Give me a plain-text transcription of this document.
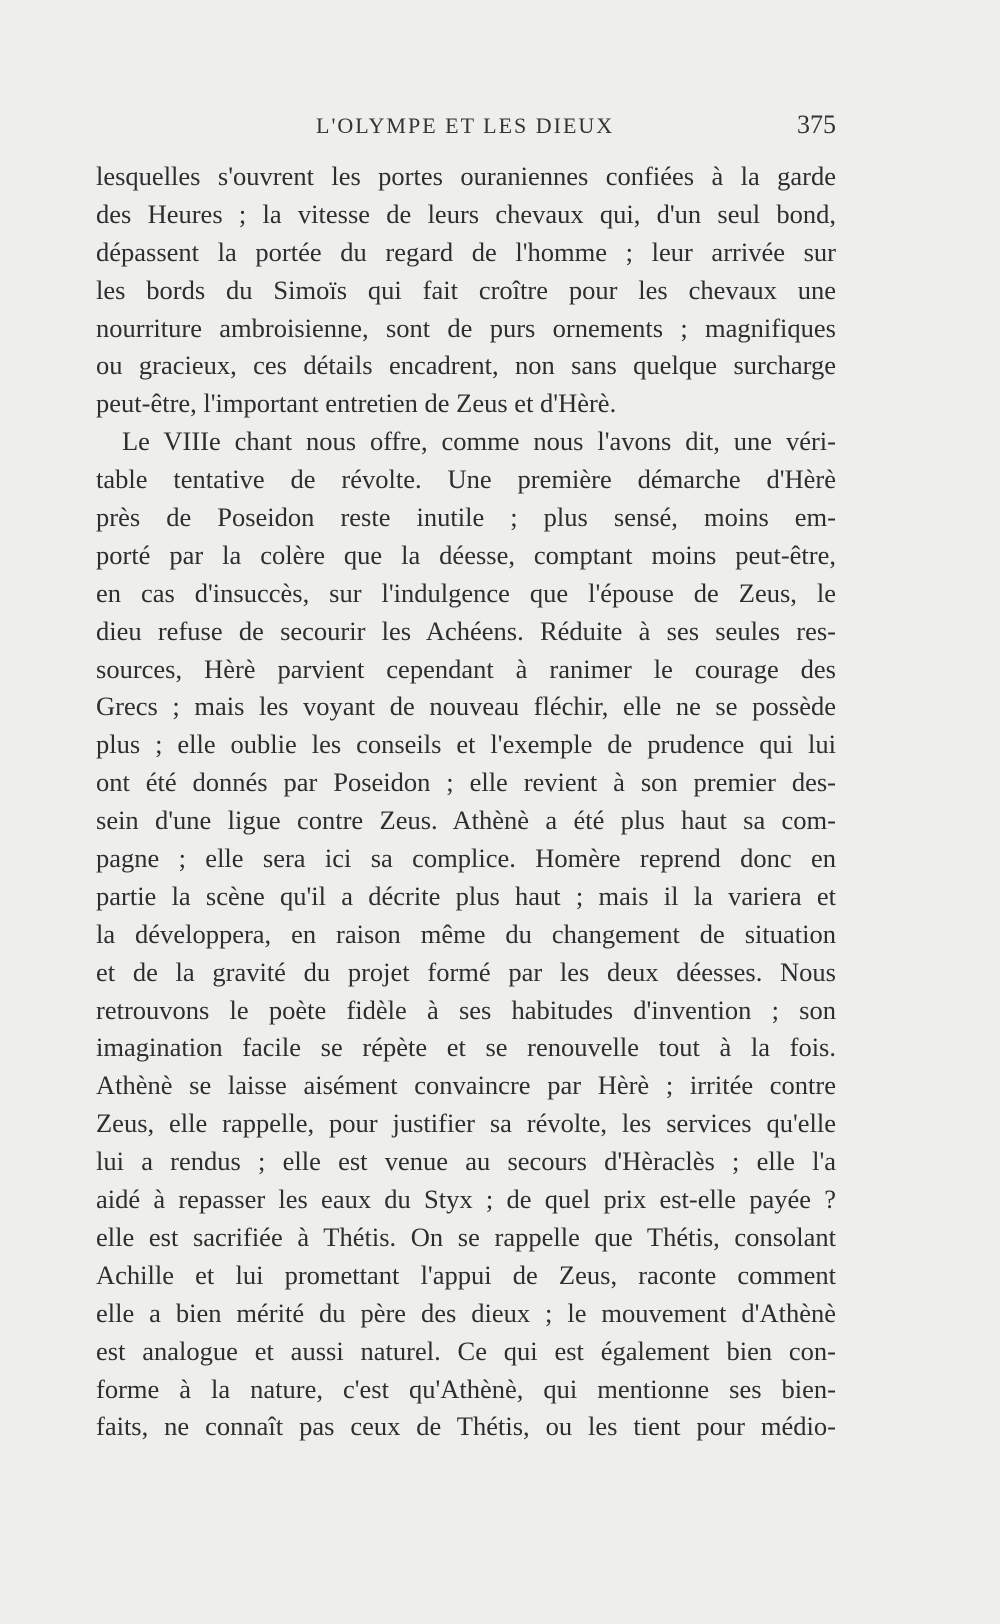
L'OLYMPE ET LES DIEUX	375
lesquelles s'ouvrent les portes ouraniennes confiées à la garde
des Heures ; la vitesse de leurs chevaux qui, d'un seul bond,
dépassent la portée du regard de l'homme ; leur arrivée sur
les bords du Simoïs qui fait croître pour les chevaux une
nourriture ambroisienne, sont de purs ornements ; magnifiques
ou gracieux, ces détails encadrent, non sans quelque surcharge
peut-être, l'important entretien de Zeus et d'Hèrè.
Le VIIIe chant nous offre, comme nous l'avons dit, une véri-
table tentative de révolte. Une première démarche d'Hèrè
près de Poseidon reste inutile ; plus sensé, moins em-
porté par la colère que la déesse, comptant moins peut-être,
en cas d'insuccès, sur l'indulgence que l'épouse de Zeus, le
dieu refuse de secourir les Achéens. Réduite à ses seules res-
sources, Hèrè parvient cependant à ranimer le courage des
Grecs ; mais les voyant de nouveau fléchir, elle ne se possède
plus ; elle oublie les conseils et l'exemple de prudence qui lui
ont été donnés par Poseidon ; elle revient à son premier des-
sein d'une ligue contre Zeus. Athènè a été plus haut sa com-
pagne ; elle sera ici sa complice. Homère reprend donc en
partie la scène qu'il a décrite plus haut ; mais il la variera et
la développera, en raison même du changement de situation
et de la gravité du projet formé par les deux déesses. Nous
retrouvons le poète fidèle à ses habitudes d'invention ; son
imagination facile se répète et se renouvelle tout à la fois.
Athènè se laisse aisément convaincre par Hèrè ; irritée contre
Zeus, elle rappelle, pour justifier sa révolte, les services qu'elle
lui a rendus ; elle est venue au secours d'Hèraclès ; elle l'a
aidé à repasser les eaux du Styx ; de quel prix est-elle payée ?
elle est sacrifiée à Thétis. On se rappelle que Thétis, consolant
Achille et lui promettant l'appui de Zeus, raconte comment
elle a bien mérité du père des dieux ; le mouvement d'Athènè
est analogue et aussi naturel. Ce qui est également bien con-
forme à la nature, c'est qu'Athènè, qui mentionne ses bien-
faits, ne connaît pas ceux de Thétis, ou les tient pour médio-
